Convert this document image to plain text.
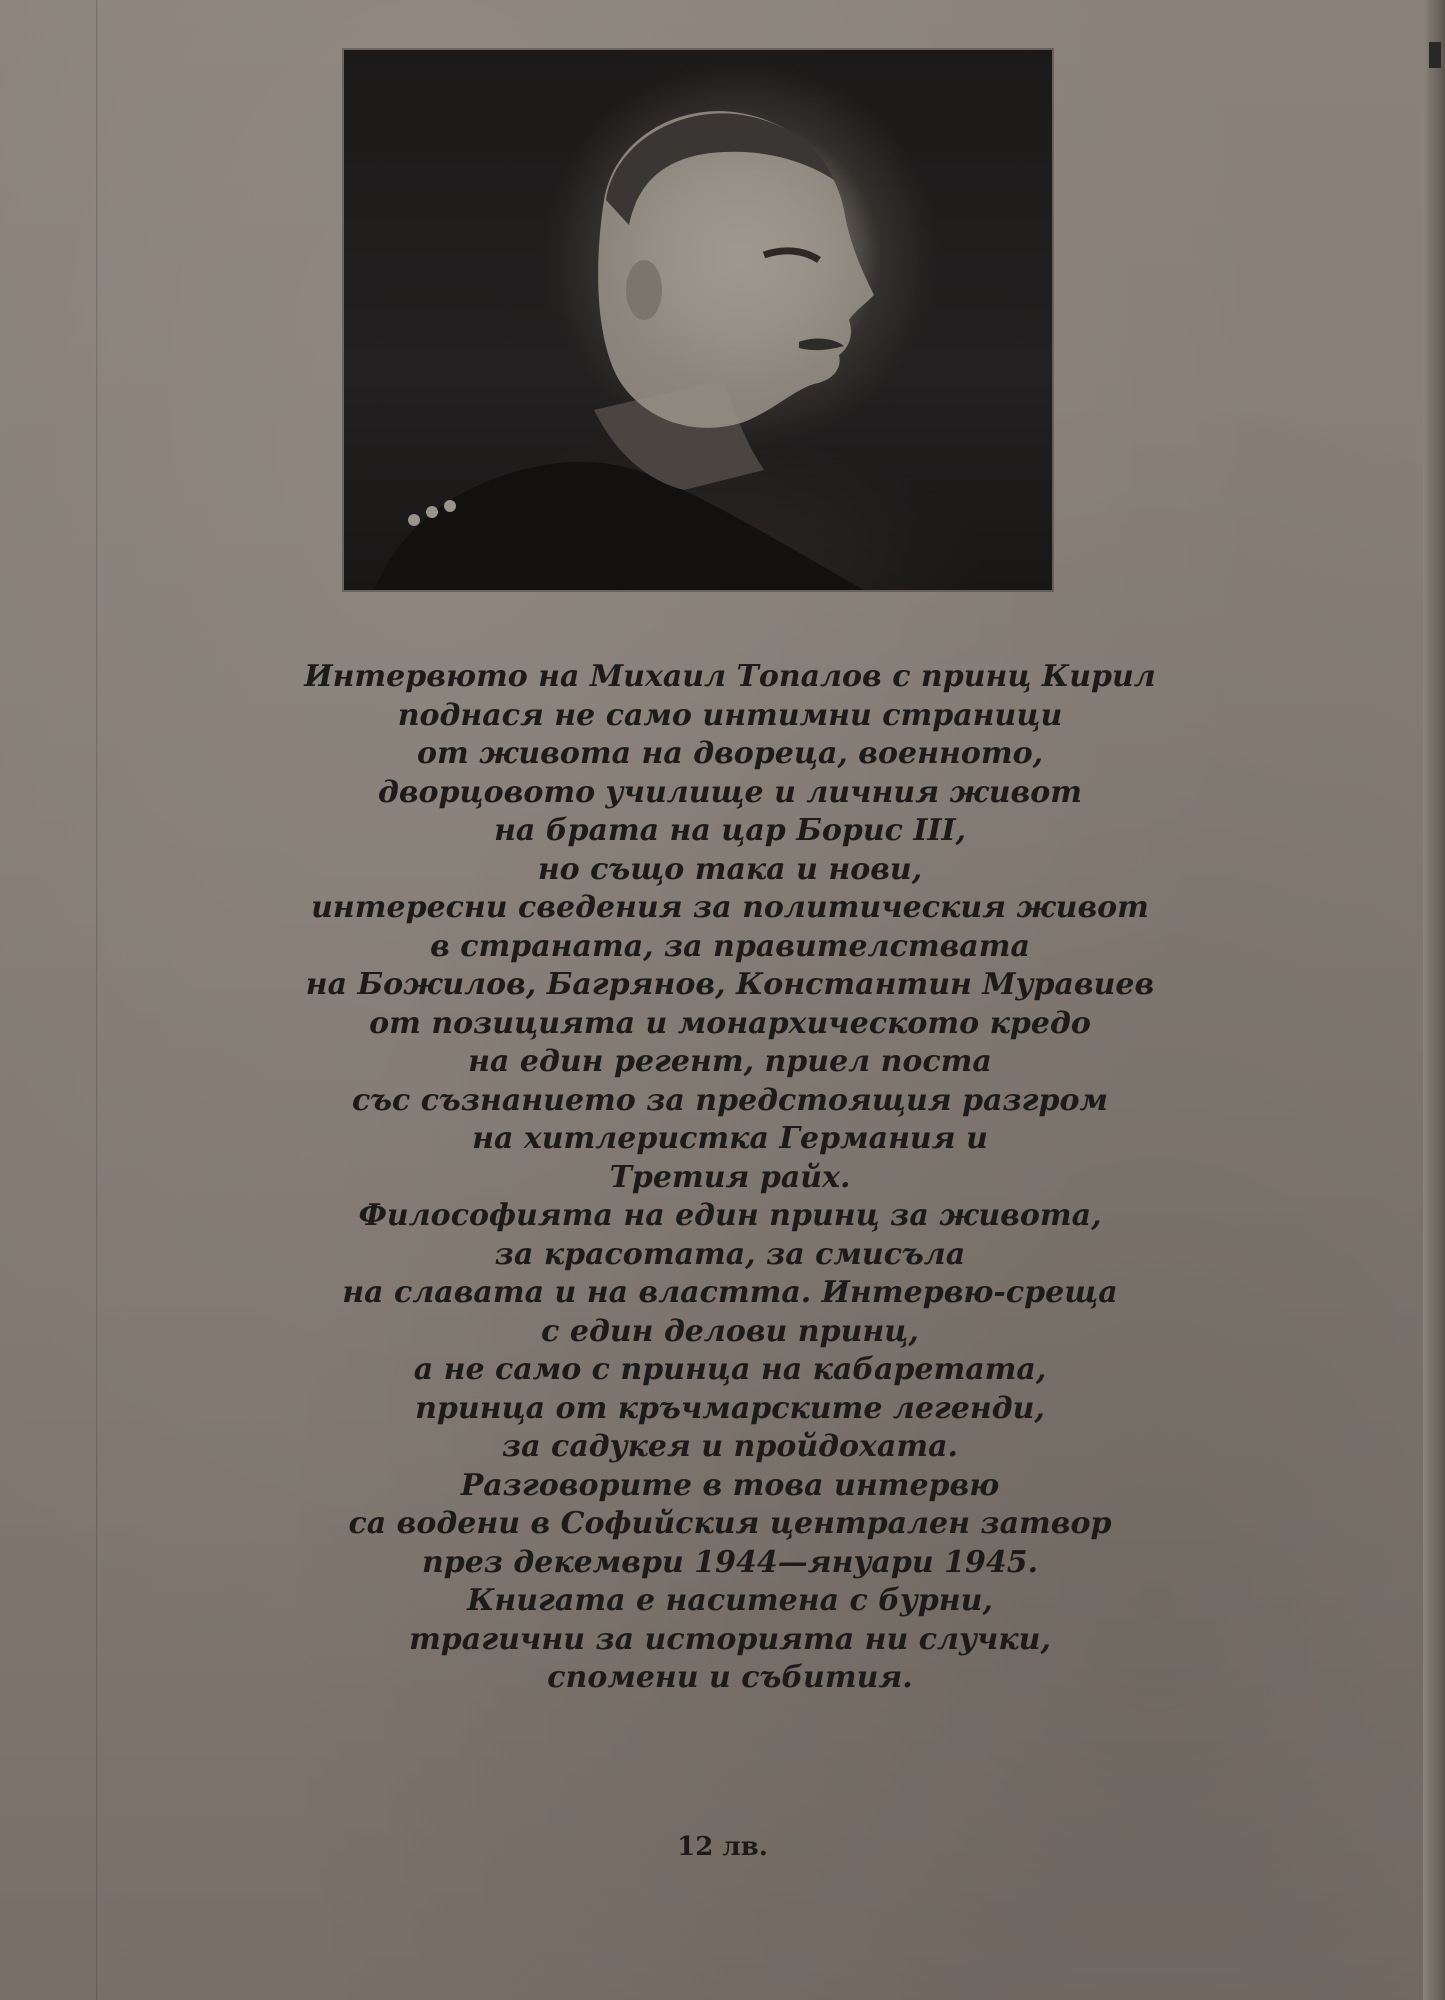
Интервюто на Михаил Топалов с принц Кирил
поднася не само интимни страници
от живота на двореца, военното,
дворцовото училище и личния живот
на брата на цар Борис III,
но също така и нови,
интересни сведения за политическия живот
в страната, за правителствата
на Божилов, Багрянов, Константин Муравиев
от позицията и монархическото кредо
на един регент, приел поста
със съзнанието за предстоящия разгром
на хитлеристка Германия и
Третия райх.
Философията на един принц за живота,
за красотата, за смисъла
на славата и на властта. Интервю-среща
с един делови принц,
а не само с принца на кабаретата,
принца от кръчмарските легенди,
за садукея и пройдохата.
Разговорите в това интервю
са водени в Софийския централен затвор
през декември 1944—януари 1945.
Книгата е наситена с бурни,
трагични за историята ни случки,
спомени и събития.
12 лв.
